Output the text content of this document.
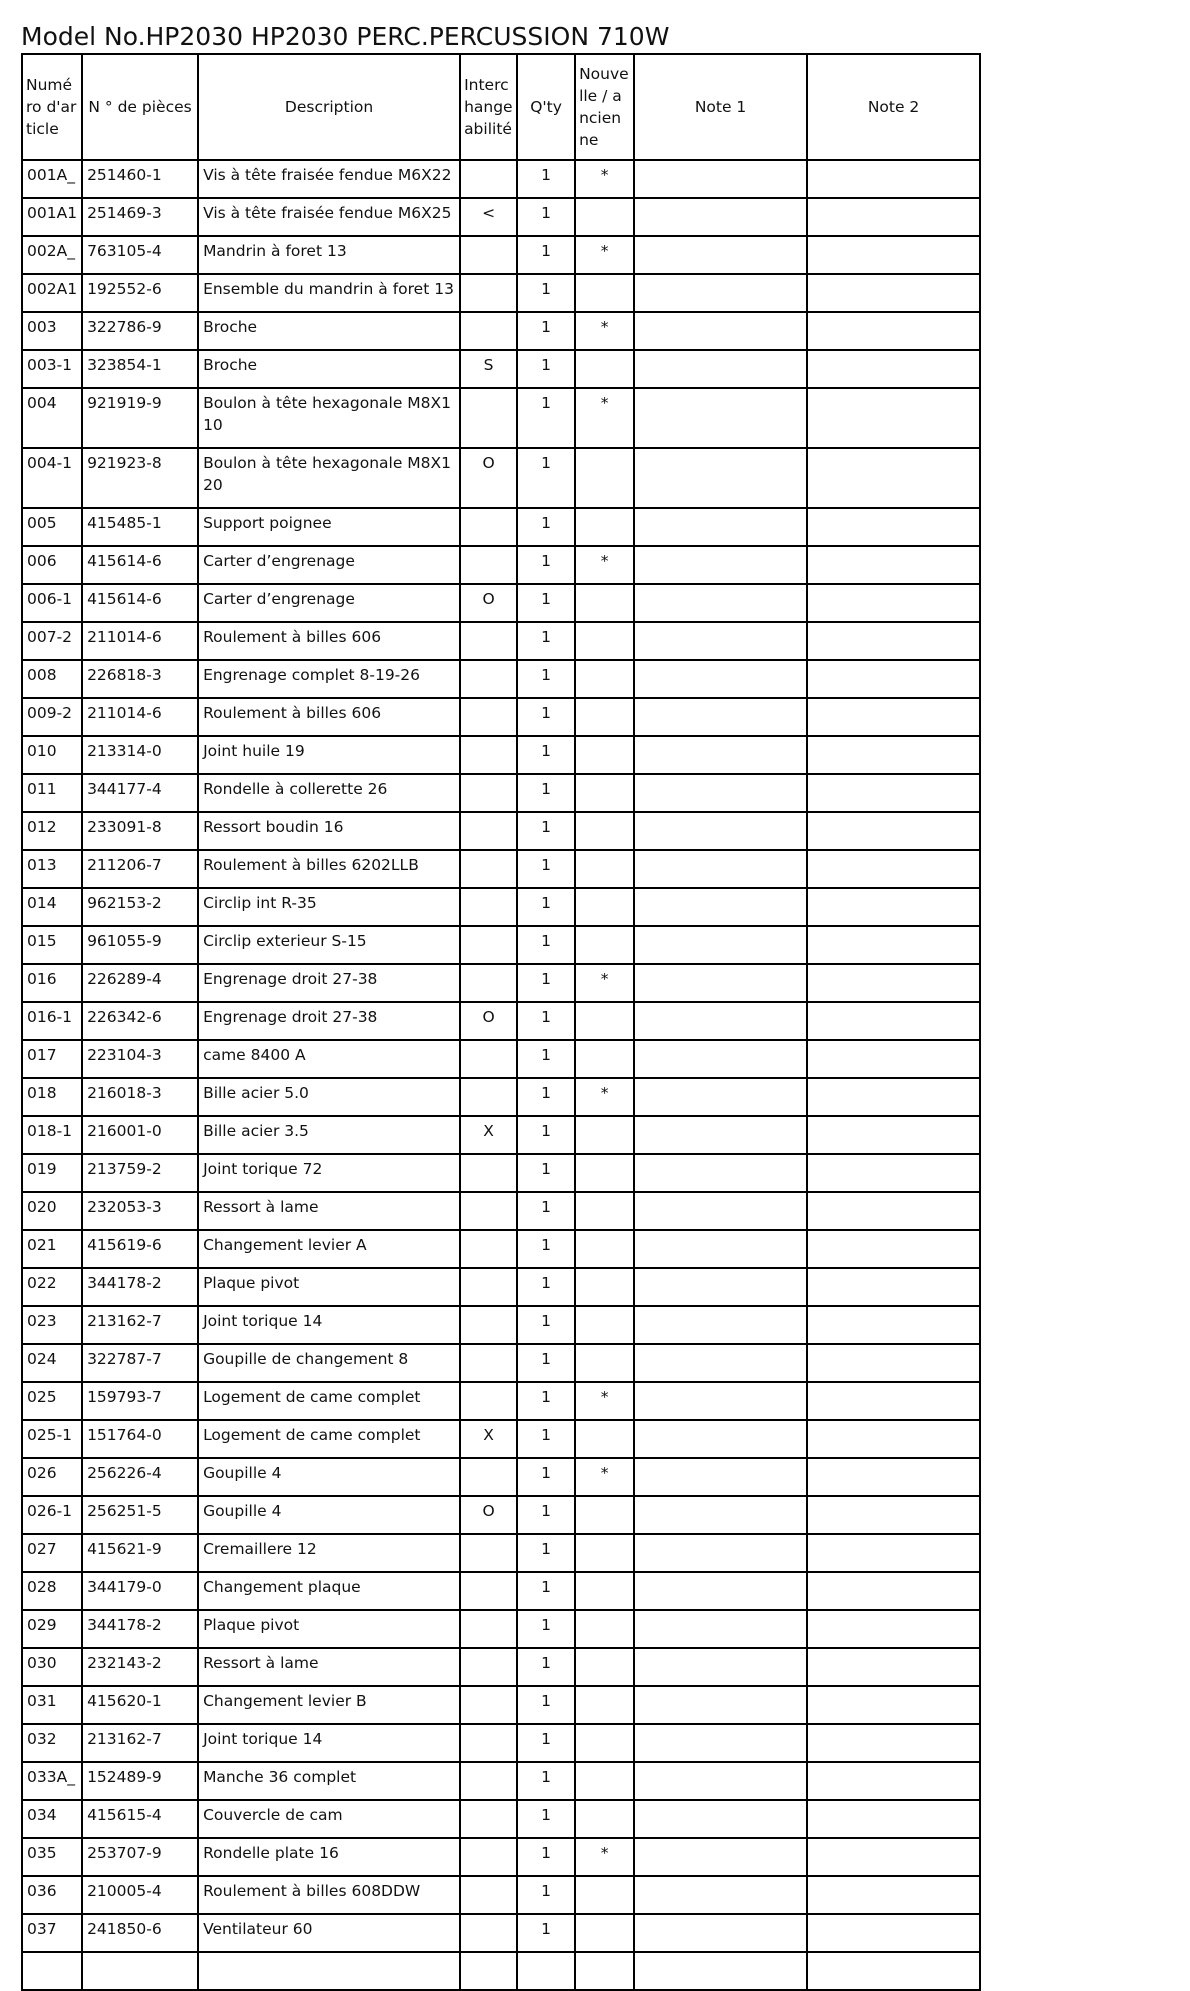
Model No.HP2030 HP2030 PERC.PERCUSSION 710W
Numéro d'article	N ° de pièces	Description	Interchangeabilité	Q'ty	Nouvelle / ancienne	Note 1	Note 2
001A_	251460-1	Vis à tête fraisée fendue M6X22		1	*		
001A1	251469-3	Vis à tête fraisée fendue M6X25	<	1			
002A_	763105-4	Mandrin à foret 13		1	*		
002A1	192552-6	Ensemble du mandrin à foret 13		1			
003	322786-9	Broche		1	*		
003-1	323854-1	Broche	S	1			
004	921919-9	Boulon à tête hexagonale M8X110		1	*		
004-1	921923-8	Boulon à tête hexagonale M8X120	O	1			
005	415485-1	Support poignee		1			
006	415614-6	Carter d’engrenage		1	*		
006-1	415614-6	Carter d’engrenage	O	1			
007-2	211014-6	Roulement à billes 606		1			
008	226818-3	Engrenage complet 8-19-26		1			
009-2	211014-6	Roulement à billes 606		1			
010	213314-0	Joint huile 19		1			
011	344177-4	Rondelle à collerette 26		1			
012	233091-8	Ressort boudin 16		1			
013	211206-7	Roulement à billes 6202LLB		1			
014	962153-2	Circlip int R-35		1			
015	961055-9	Circlip exterieur S-15		1			
016	226289-4	Engrenage droit 27-38		1	*		
016-1	226342-6	Engrenage droit 27-38	O	1			
017	223104-3	came 8400 A		1			
018	216018-3	Bille acier 5.0		1	*		
018-1	216001-0	Bille acier 3.5	X	1			
019	213759-2	Joint torique 72		1			
020	232053-3	Ressort à lame		1			
021	415619-6	Changement levier A		1			
022	344178-2	Plaque pivot		1			
023	213162-7	Joint torique 14		1			
024	322787-7	Goupille de changement 8		1			
025	159793-7	Logement de came complet		1	*		
025-1	151764-0	Logement de came complet	X	1			
026	256226-4	Goupille 4		1	*		
026-1	256251-5	Goupille 4	O	1			
027	415621-9	Cremaillere 12		1			
028	344179-0	Changement plaque		1			
029	344178-2	Plaque pivot		1			
030	232143-2	Ressort à lame		1			
031	415620-1	Changement levier B		1			
032	213162-7	Joint torique 14		1			
033A_	152489-9	Manche 36 complet		1			
034	415615-4	Couvercle de cam		1			
035	253707-9	Rondelle plate 16		1	*		
036	210005-4	Roulement à billes 608DDW		1			
037	241850-6	Ventilateur 60		1			
